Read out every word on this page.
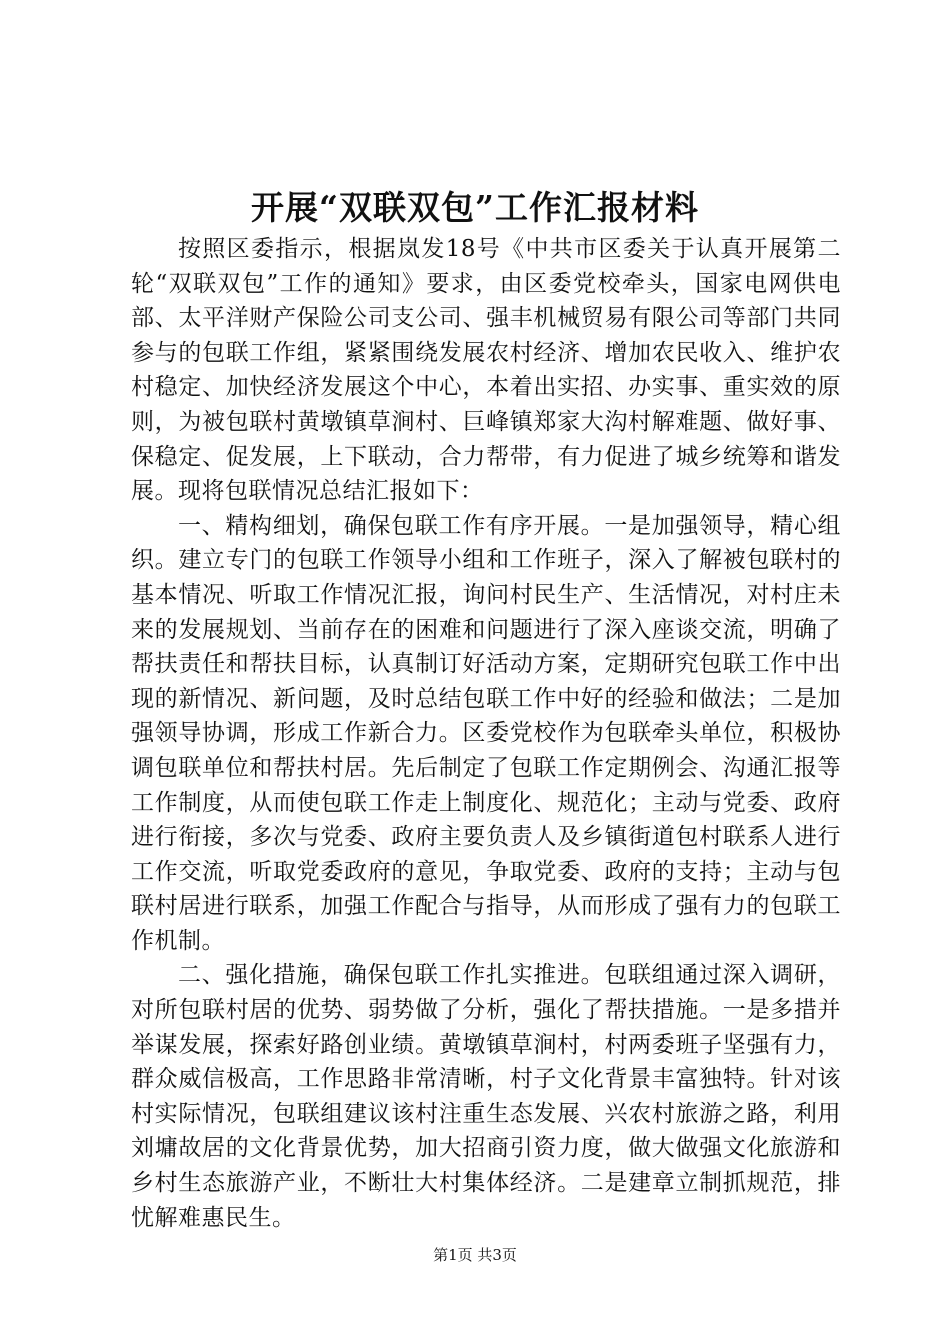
开展“双联双包”工作汇报材料

按照区委指示，根据岚发18号《中共市区委关于认真开展第二轮“双联双包”工作的通知》要求，由区委党校牵头，国家电网供电部、太平洋财产保险公司支公司、强丰机械贸易有限公司等部门共同参与的包联工作组，紧紧围绕发展农村经济、增加农民收入、维护农村稳定、加快经济发展这个中心，本着出实招、办实事、重实效的原则，为被包联村黄墩镇草涧村、巨峰镇郑家大沟村解难题、做好事、保稳定、促发展，上下联动，合力帮带，有力促进了城乡统筹和谐发展。现将包联情况总结汇报如下：

一、精构细划，确保包联工作有序开展。一是加强领导，精心组织。建立专门的包联工作领导小组和工作班子，深入了解被包联村的基本情况、听取工作情况汇报，询问村民生产、生活情况，对村庄未来的发展规划、当前存在的困难和问题进行了深入座谈交流，明确了帮扶责任和帮扶目标，认真制订好活动方案，定期研究包联工作中出现的新情况、新问题，及时总结包联工作中好的经验和做法；二是加强领导协调，形成工作新合力。区委党校作为包联牵头单位，积极协调包联单位和帮扶村居。先后制定了包联工作定期例会、沟通汇报等工作制度，从而使包联工作走上制度化、规范化；主动与党委、政府进行衔接，多次与党委、政府主要负责人及乡镇街道包村联系人进行工作交流，听取党委政府的意见，争取党委、政府的支持；主动与包联村居进行联系，加强工作配合与指导，从而形成了强有力的包联工作机制。

二、强化措施，确保包联工作扎实推进。包联组通过深入调研，对所包联村居的优势、弱势做了分析，强化了帮扶措施。一是多措并举谋发展，探索好路创业绩。黄墩镇草涧村，村两委班子坚强有力，群众威信极高，工作思路非常清晰，村子文化背景丰富独特。针对该村实际情况，包联组建议该村注重生态发展、兴农村旅游之路，利用刘墉故居的文化背景优势，加大招商引资力度，做大做强文化旅游和乡村生态旅游产业，不断壮大村集体经济。二是建章立制抓规范，排忧解难惠民生。

第1页 共3页
